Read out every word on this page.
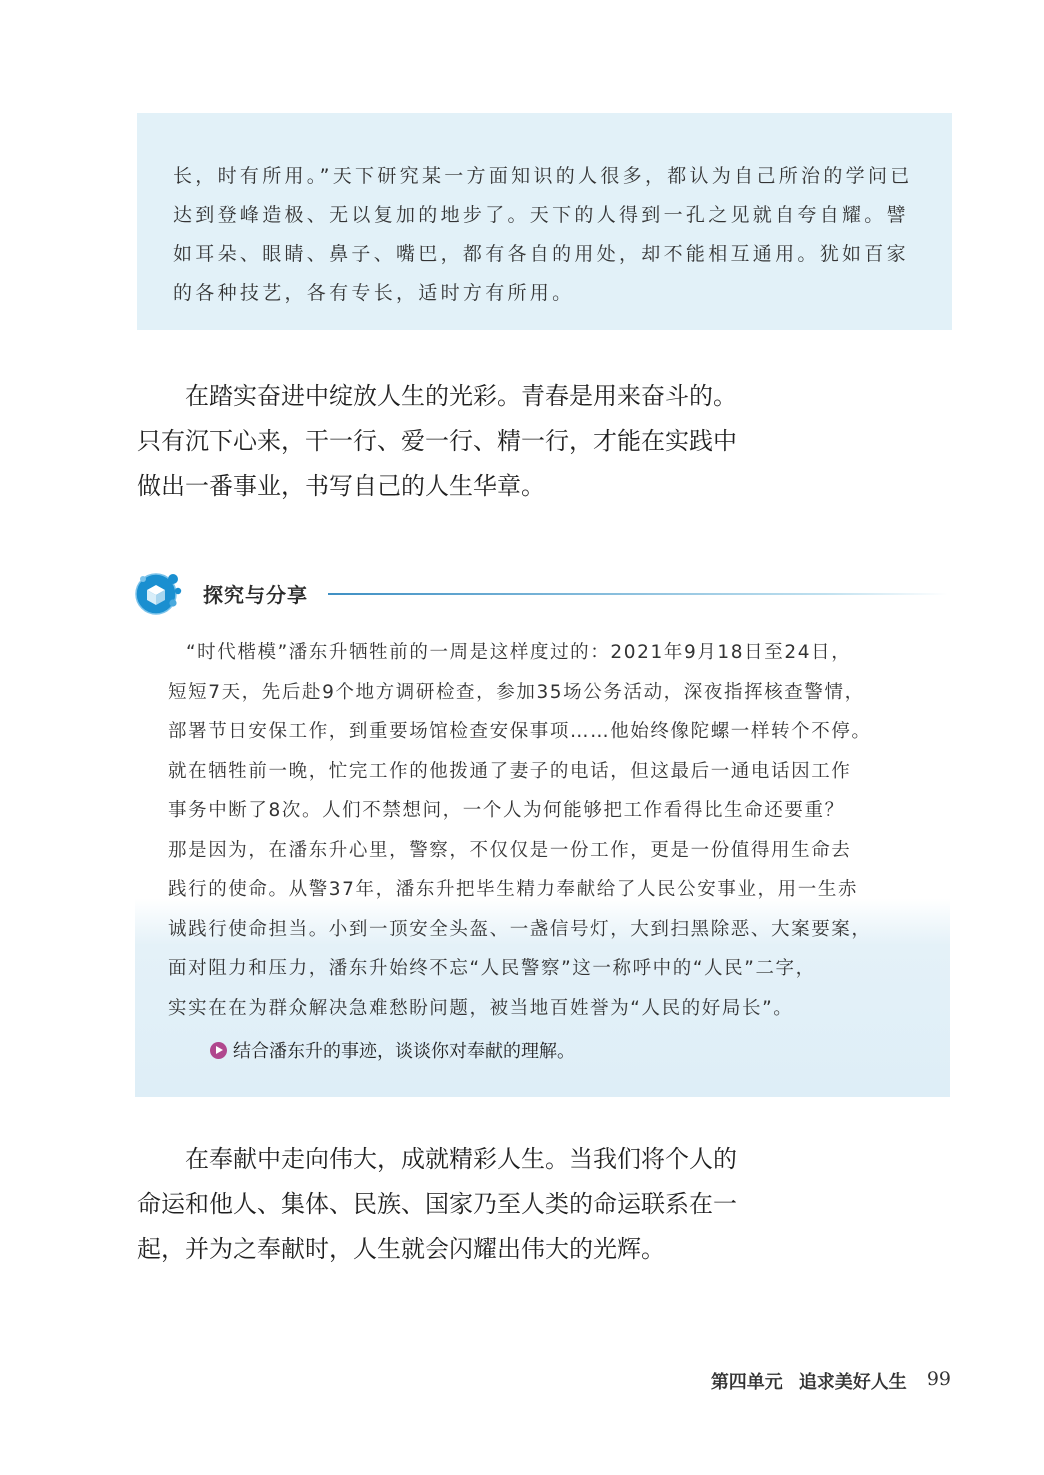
长，时有所用。”天下研究某一方面知识的人很多，都认为自己所治的学问已
达到登峰造极、无以复加的地步了。天下的人得到一孔之见就自夸自耀。譬
如耳朵、眼睛、鼻子、嘴巴，都有各自的用处，却不能相互通用。犹如百家
的各种技艺，各有专长，适时方有所用。
在踏实奋进中绽放人生的光彩。青春是用来奋斗的。
只有沉下心来，干一行、爱一行、精一行，才能在实践中
做出一番事业，书写自己的人生华章。
探究与分享
“时代楷模”潘东升牺牲前的一周是这样度过的：2021年9月18日至24日，
短短7天，先后赴9个地方调研检查，参加35场公务活动，深夜指挥核查警情，
部署节日安保工作，到重要场馆检查安保事项……他始终像陀螺一样转个不停。
就在牺牲前一晚，忙完工作的他拨通了妻子的电话，但这最后一通电话因工作
事务中断了8次。人们不禁想问，一个人为何能够把工作看得比生命还要重？
那是因为，在潘东升心里，警察，不仅仅是一份工作，更是一份值得用生命去
践行的使命。从警37年，潘东升把毕生精力奉献给了人民公安事业，用一生赤
诚践行使命担当。小到一顶安全头盔、一盏信号灯，大到扫黑除恶、大案要案，
面对阻力和压力，潘东升始终不忘“人民警察”这一称呼中的“人民”二字，
实实在在为群众解决急难愁盼问题，被当地百姓誉为“人民的好局长”。
结合潘东升的事迹，谈谈你对奉献的理解。
在奉献中走向伟大，成就精彩人生。当我们将个人的
命运和他人、集体、民族、国家乃至人类的命运联系在一
起，并为之奉献时，人生就会闪耀出伟大的光辉。
第四单元 追求美好人生 99
